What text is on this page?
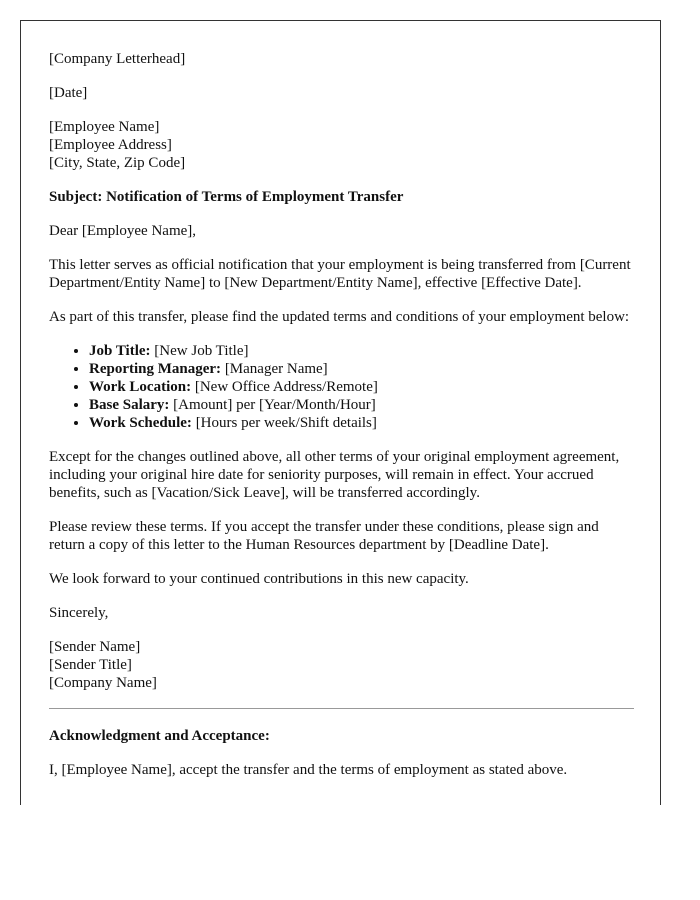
[Company Letterhead]

[Date]

[Employee Name]
[Employee Address]
[City, State, Zip Code]

Subject: Notification of Terms of Employment Transfer

Dear [Employee Name],

This letter serves as official notification that your employment is being transferred from [Current Department/Entity Name] to [New Department/Entity Name], effective [Effective Date].

As part of this transfer, please find the updated terms and conditions of your employment below:

• Job Title: [New Job Title]
• Reporting Manager: [Manager Name]
• Work Location: [New Office Address/Remote]
• Base Salary: [Amount] per [Year/Month/Hour]
• Work Schedule: [Hours per week/Shift details]

Except for the changes outlined above, all other terms of your original employment agreement, including your original hire date for seniority purposes, will remain in effect. Your accrued benefits, such as [Vacation/Sick Leave], will be transferred accordingly.

Please review these terms. If you accept the transfer under these conditions, please sign and return a copy of this letter to the Human Resources department by [Deadline Date].

We look forward to your continued contributions in this new capacity.

Sincerely,

[Sender Name]
[Sender Title]
[Company Name]

Acknowledgment and Acceptance:

I, [Employee Name], accept the transfer and the terms of employment as stated above.
